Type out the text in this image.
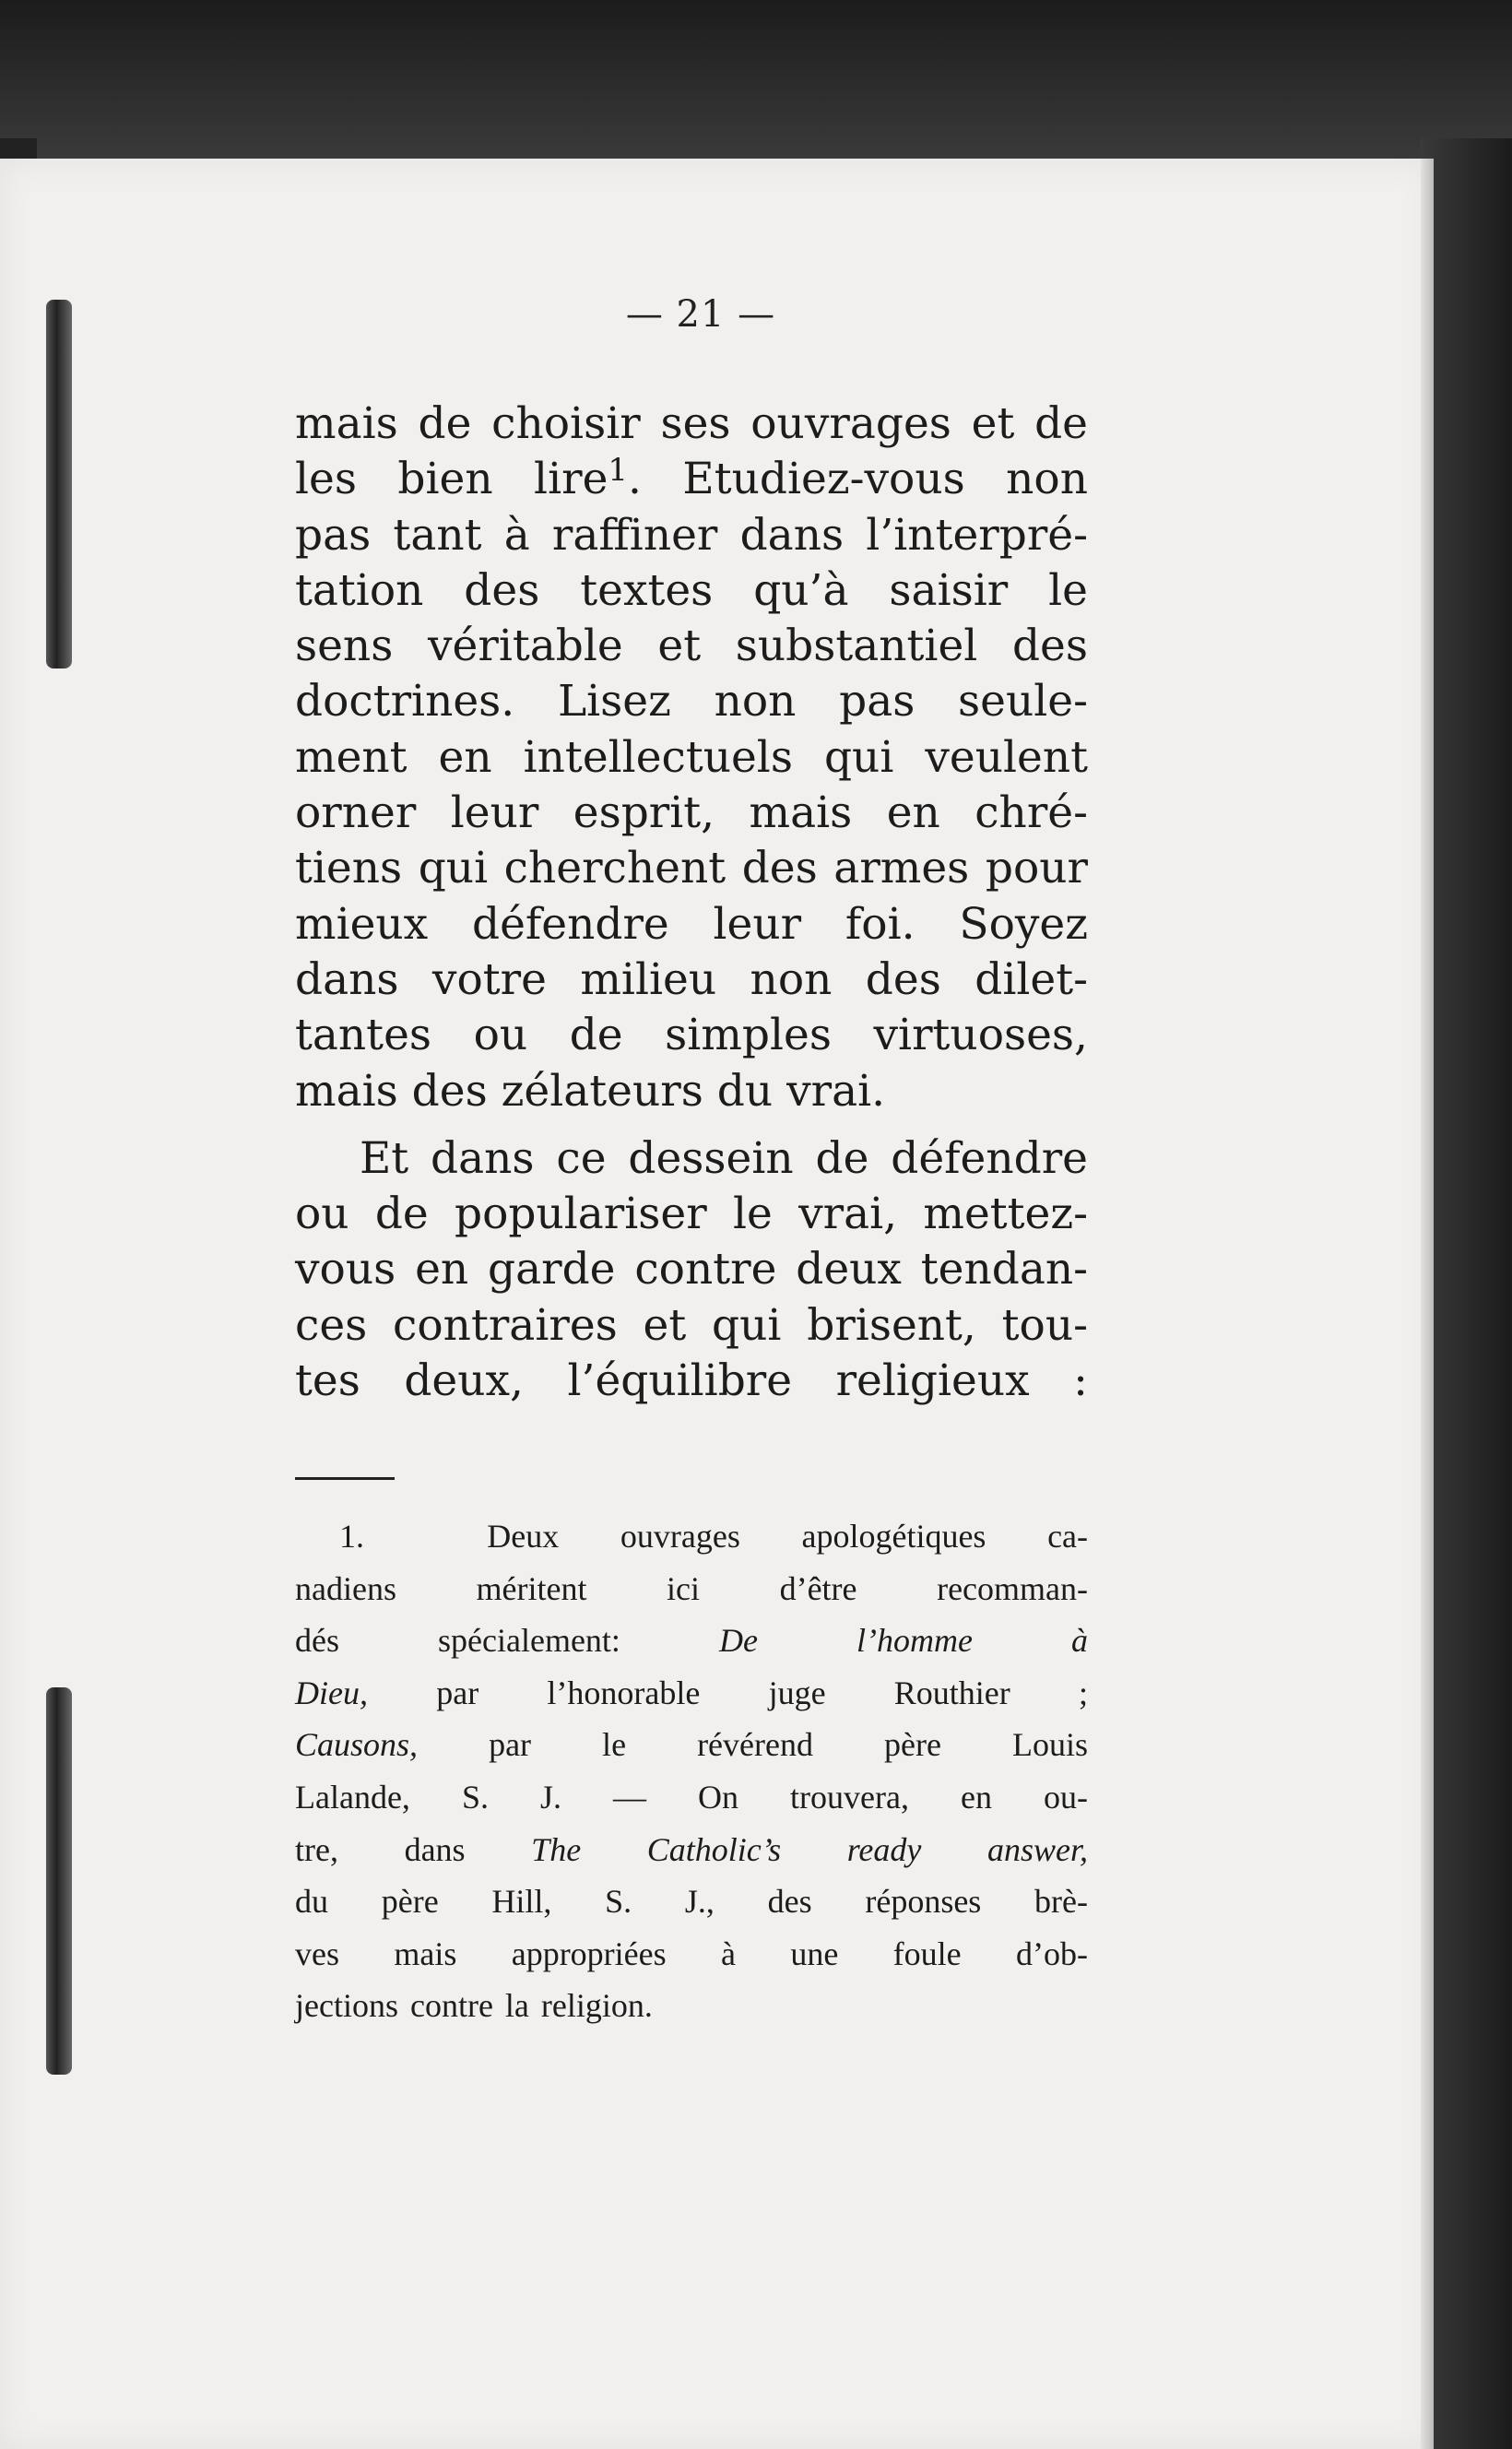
— 21 —

mais de choisir ses ouvrages et de
les bien lire$^1$. Etudiez-vous non
pas tant à raffiner dans l’interpré-
tation des textes qu’à saisir le
sens véritable et substantiel des
doctrines. Lisez non pas seule-
ment en intellectuels qui veulent
orner leur esprit, mais en chré-
tiens qui cherchent des armes pour
mieux défendre leur foi. Soyez
dans votre milieu non des dilet-
tantes ou de simples virtuoses,
mais des zélateurs du vrai.

Et dans ce dessein de défendre
ou de populariser le vrai, mettez-
vous en garde contre deux tendan-
ces contraires et qui brisent, tou-
tes deux, l’équilibre religieux :

1.	Deux ouvrages apologétiques ca-
nadiens méritent ici d’être recomman-
dés spécialement:	De l’homme à
Dieu, par l’honorable juge Routhier ;
Causons, par le révérend père Louis
Lalande, S. J. — On trouvera, en ou-
tre, dans The Catholic’s ready answer,
du père Hill, S. J., des réponses brè-
ves mais appropriées à une foule d’ob-
jections contre la religion.
